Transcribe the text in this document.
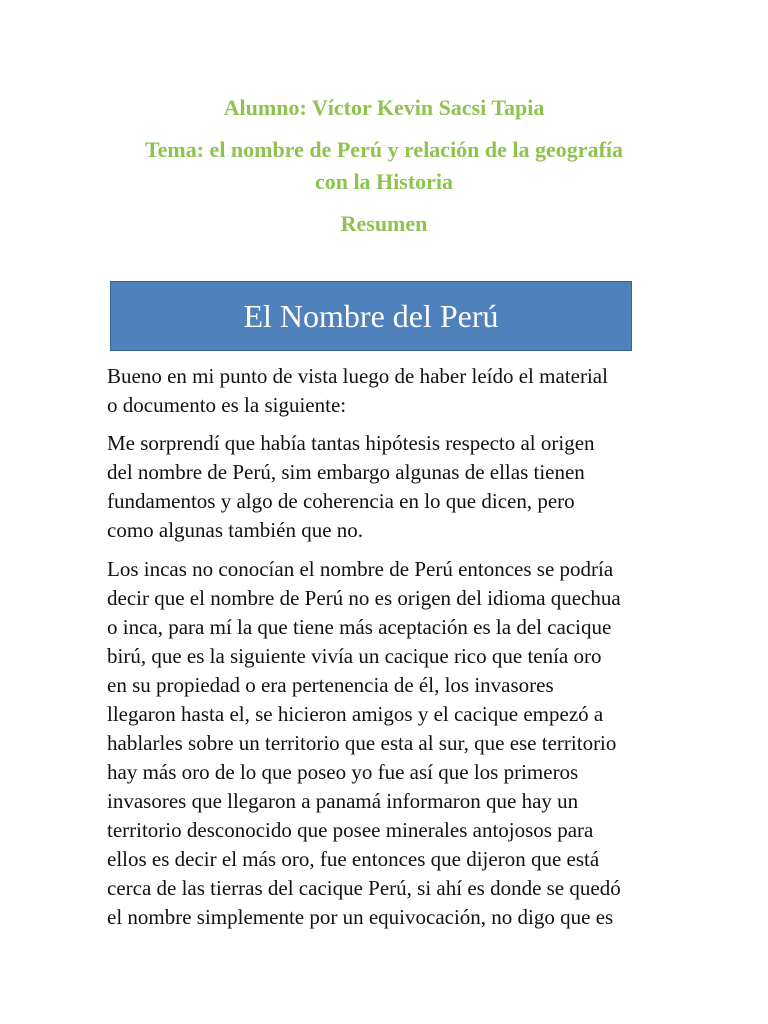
Alumno: Víctor Kevin Sacsi Tapia

Tema: el nombre de Perú y relación de la geografía
con la Historia

Resumen

El Nombre del Perú
Bueno en mi punto de vista luego de haber leído el material
o documento es la siguiente:
Me sorprendí que había tantas hipótesis respecto al origen
del nombre de Perú, sim embargo algunas de ellas tienen
fundamentos y algo de coherencia en lo que dicen, pero
como algunas también que no.
Los incas no conocían el nombre de Perú entonces se podría
decir que el nombre de Perú no es origen del idioma quechua
o inca, para mí la que tiene más aceptación es la del cacique
birú, que es la siguiente vivía un cacique rico que tenía oro
en su propiedad o era pertenencia de él, los invasores
llegaron hasta el, se hicieron amigos y el cacique empezó a
hablarles sobre un territorio que esta al sur, que ese territorio
hay más oro de lo que poseo yo fue así que los primeros
invasores que llegaron a panamá informaron que hay un
territorio desconocido que posee minerales antojosos para
ellos es decir el más oro, fue entonces que dijeron que está
cerca de las tierras del cacique Perú, si ahí es donde se quedó
el nombre simplemente por un equivocación, no digo que es
